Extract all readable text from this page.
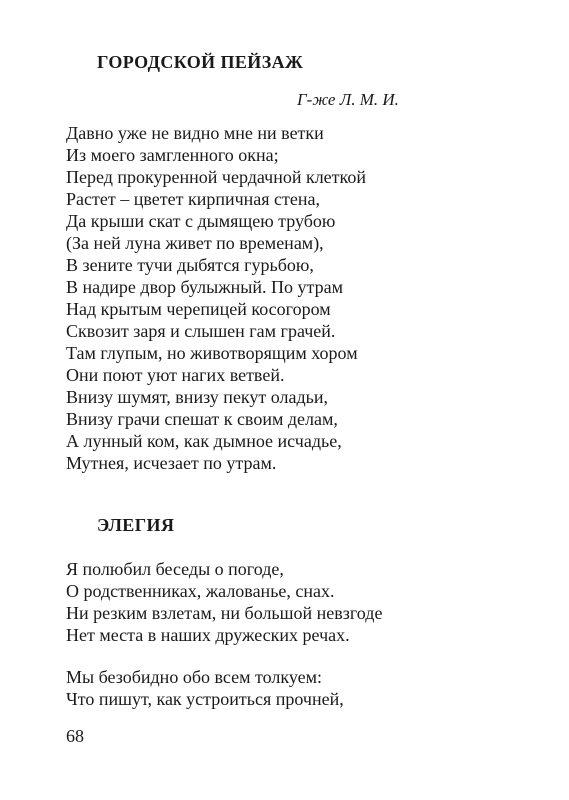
ГОРОДСКОЙ ПЕЙЗАЖ
Г-же Л. М. И.
Давно уже не видно мне ни ветки
Из моего замгленного окна;
Перед прокуренной чердачной клеткой
Растет – цветет кирпичная стена,
Да крыши скат с дымящею трубою
(За ней луна живет по временам),
В зените тучи дыбятся гурьбою,
В надире двор булыжный. По утрам
Над крытым черепицей косогором
Сквозит заря и слышен гам грачей.
Там глупым, но животворящим хором
Они поют уют нагих ветвей.
Внизу шумят, внизу пекут оладьи,
Внизу грачи спешат к своим делам,
А лунный ком, как дымное исчадье,
Мутнея, исчезает по утрам.
ЭЛЕГИЯ
Я полюбил беседы о погоде,
О родственниках, жалованье, снах.
Ни резким взлетам, ни большой невзгоде
Нет места в наших дружеских речах.
Мы безобидно обо всем толкуем:
Что пишут, как устроиться прочней,
68
